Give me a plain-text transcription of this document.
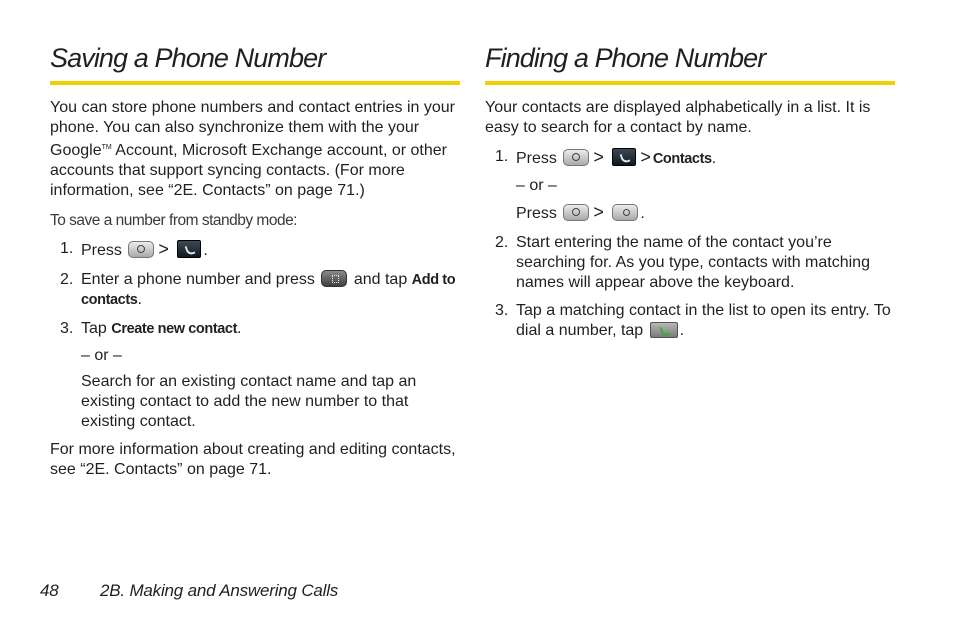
Saving a Phone Number

You can store phone numbers and contact entries in your phone. You can also synchronize them with the your Google™ Account, Microsoft Exchange account, or other accounts that support syncing contacts. (For more information, see “2E. Contacts” on page 71.)

To save a number from standby mode:

1. Press > .
2. Enter a phone number and press  and tap Add to contacts.
3. Tap Create new contact.

– or –

Search for an existing contact name and tap an existing contact to add the new number to that existing contact.

For more information about creating and editing contacts, see “2E. Contacts” on page 71.

Finding a Phone Number

Your contacts are displayed alphabetically in a list. It is easy to search for a contact by name.

1. Press > > Contacts.

– or –

Press > .

2. Start entering the name of the contact you’re searching for. As you type, contacts with matching names will appear above the keyboard.
3. Tap a matching contact in the list to open its entry. To dial a number, tap .
48 2B. Making and Answering Calls
